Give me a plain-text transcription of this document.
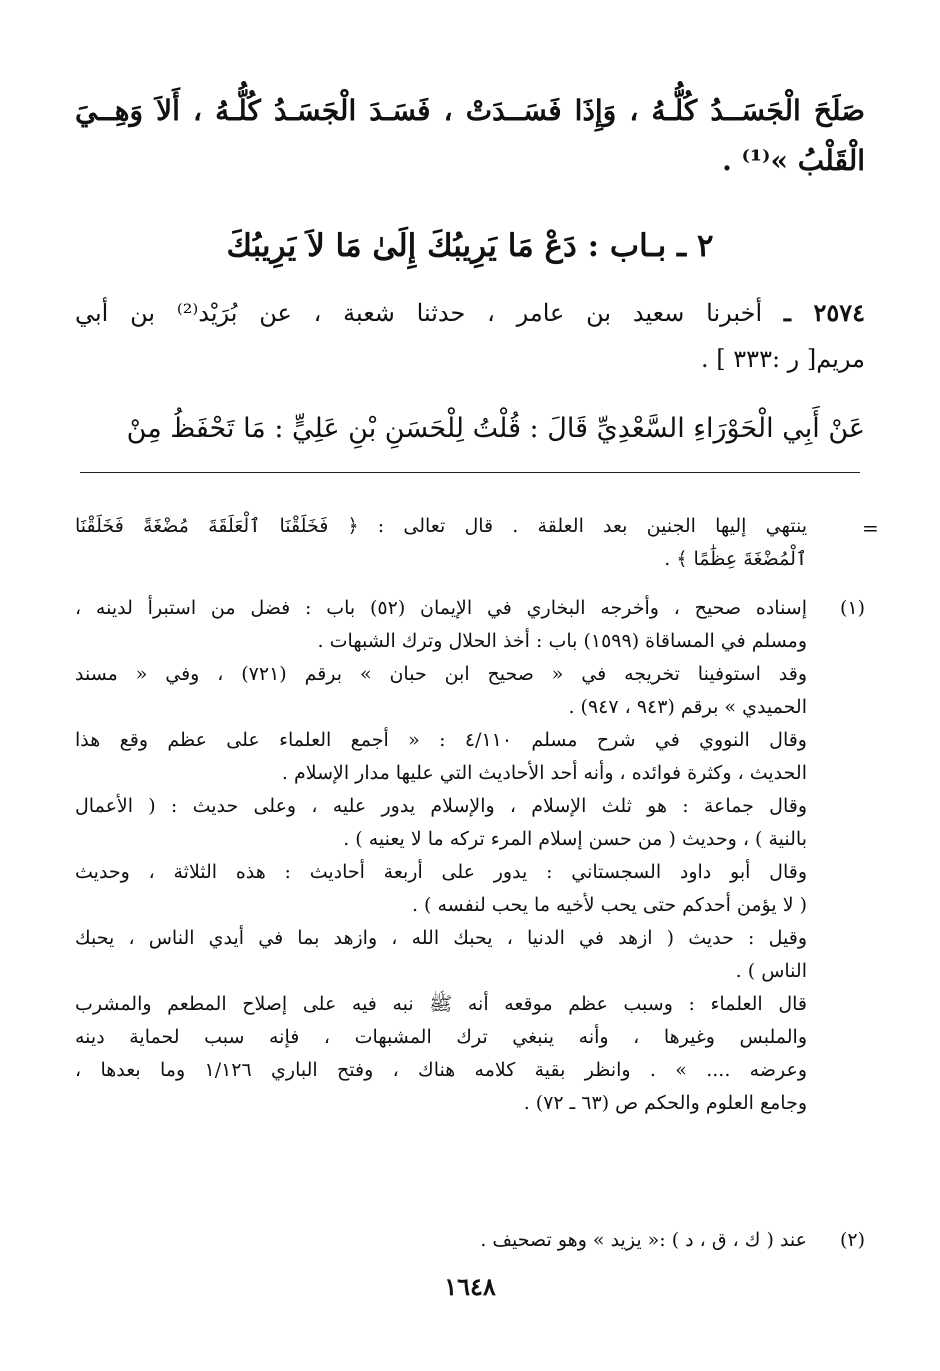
صَلَحَ الْجَسَــدُ كُلُّـهُ ، وَإِذَا فَسَــدَتْ ، فَسَـدَ الْجَسَـدُ كُلُّـهُ ، أَلاَ وَهِــيَ
الْقَلْبُ »⁽¹⁾ .
٢ ـ بـاب : دَعْ مَا يَرِيبُكَ إِلَىٰ مَا لاَ يَرِيبُكَ
٢٥٧٤ ـ أخبرنا سعيد بن عامر ، حدثنا شعبة ، عن بُرَيْد⁽²⁾ بن أبي
مريم[ ر :٣٣٣ ] .
عَنْ أَبِي الْحَوْرَاءِ السَّعْدِيِّ قَالَ : قُلْتُ لِلْحَسَنِ بْنِ عَلِيٍّ : مَا تَحْفَظُ مِنْ
=
ينتهي إليها الجنين بعد العلقة . قال تعالى : ﴿ فَخَلَقْنَا ٱلْعَلَقَةَ مُضْغَةً فَخَلَقْنَا
ٱلْمُضْغَةَ عِظَٰمًا ﴾ .
(١)
إسناده صحيح ، وأخرجه البخاري في الإيمان (٥٢) باب : فضل من استبرأ لدينه ،
ومسلم في المساقاة (١٥٩٩) باب : أخذ الحلال وترك الشبهات .
وقد استوفينا تخريجه في « صحيح ابن حبان » برقم (٧٢١) ، وفي « مسند
الحميدي » برقم (٩٤٣ ، ٩٤٧) .
وقال النووي في شرح مسلم ٤/١١٠ : « أجمع العلماء على عظم وقع هذا
الحديث ، وكثرة فوائده ، وأنه أحد الأحاديث التي عليها مدار الإسلام .
وقال جماعة : هو ثلث الإسلام ، والإسلام يدور عليه ، وعلى حديث : ( الأعمال
بالنية ) ، وحديث ( من حسن إسلام المرء تركه ما لا يعنيه ) .
وقال أبو داود السجستاني : يدور على أربعة أحاديث : هذه الثلاثة ، وحديث
( لا يؤمن أحدكم حتى يحب لأخيه ما يحب لنفسه ) .
وقيل : حديث ( ازهد في الدنيا ، يحبك الله ، وازهد بما في أيدي الناس ، يحبك
الناس ) .
قال العلماء : وسبب عظم موقعه أنه ﷺ نبه فيه على إصلاح المطعم والمشرب
والملبس وغيرها ، وأنه ينبغي ترك المشبهات ، فإنه سبب لحماية دينه
وعرضه .... » . وانظر بقية كلامه هناك ، وفتح الباري ١/١٢٦ وما بعدها ،
وجامع العلوم والحكم ص (٦٣ ـ ٧٢) .
(٢)
عند ( ك ، ق ، د ) :« يزيد » وهو تصحيف .
١٦٤٨
